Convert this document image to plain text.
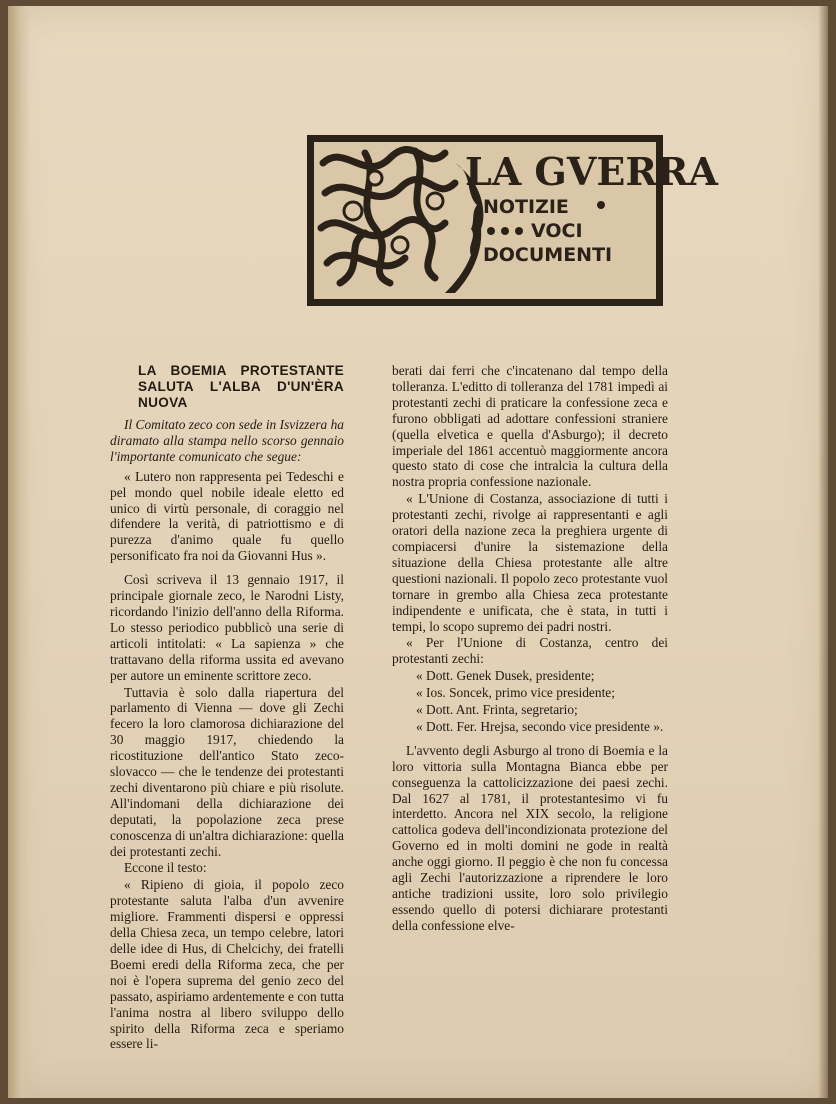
LA GVERRA
NOTIZIE
VOCI
DOCUMENTI

LA BOEMIA PROTESTANTE SALUTA L'ALBA D'UN'ÈRA NUOVA

Il Comitato zeco con sede in Isvizzera ha diramato alla stampa nello scorso gennaio l'importante comunicato che segue:

« Lutero non rappresenta pei Tedeschi e pel mondo quel nobile ideale eletto ed unico di virtù personale, di coraggio nel difendere la verità, di patriottismo e di purezza d'animo quale fu quello personificato fra noi da Giovanni Hus ».

Così scriveva il 13 gennaio 1917, il principale giornale zeco, le Narodni Listy, ricordando l'inizio dell'anno della Riforma. Lo stesso periodico pubblicò una serie di articoli intitolati: « La sapienza » che trattavano della riforma ussita ed avevano per autore un eminente scrittore zeco.

Tuttavia è solo dalla riapertura del parlamento di Vienna — dove gli Zechi fecero la loro clamorosa dichiarazione del 30 maggio 1917, chiedendo la ricostituzione dell'antico Stato zeco-slovacco — che le tendenze dei protestanti zechi diventarono più chiare e più risolute. All'indomani della dichiarazione dei deputati, la popolazione zeca prese conoscenza di un'altra dichiarazione: quella dei protestanti zechi.

Eccone il testo:

« Ripieno di gioia, il popolo zeco protestante saluta l'alba d'un avvenire migliore. Frammenti dispersi e oppressi della Chiesa zeca, un tempo celebre, latori delle idee di Hus, di Chelcichy, dei fratelli Boemi eredi della Riforma zeca, che per noi è l'opera suprema del genio zeco del passato, aspiriamo ardentemente e con tutta l'anima nostra al libero sviluppo dello spirito della Riforma zeca e speriamo essere li-

berati dai ferri che c'incatenano dal tempo della tolleranza. L'editto di tolleranza del 1781 impedì ai protestanti zechi di praticare la confessione zeca e furono obbligati ad adottare confessioni straniere (quella elvetica e quella d'Asburgo); il decreto imperiale del 1861 accentuò maggiormente ancora questo stato di cose che intralcia la cultura della nostra propria confessione nazionale.

« L'Unione di Costanza, associazione di tutti i protestanti zechi, rivolge ai rappresentanti e agli oratori della nazione zeca la preghiera urgente di compiacersi d'unire la sistemazione della situazione della Chiesa protestante alle altre questioni nazionali. Il popolo zeco protestante vuol tornare in grembo alla Chiesa zeca protestante indipendente e unificata, che è stata, in tutti i tempi, lo scopo supremo dei padri nostri.

« Per l'Unione di Costanza, centro dei protestanti zechi:

« Dott. Genek Dusek, presidente;

« Ios. Soncek, primo vice presidente;

« Dott. Ant. Frinta, segretario;

« Dott. Fer. Hrejsa, secondo vice presidente ».

L'avvento degli Asburgo al trono di Boemia e la loro vittoria sulla Montagna Bianca ebbe per conseguenza la cattolicizzazione dei paesi zechi. Dal 1627 al 1781, il protestantesimo vi fu interdetto. Ancora nel XIX secolo, la religione cattolica godeva dell'incondizionata protezione del Governo ed in molti domini ne gode in realtà anche oggi giorno. Il peggio è che non fu concessa agli Zechi l'autorizzazione a riprendere le loro antiche tradizioni ussite, loro solo privilegio essendo quello di potersi dichiarare protestanti della confessione elve-
